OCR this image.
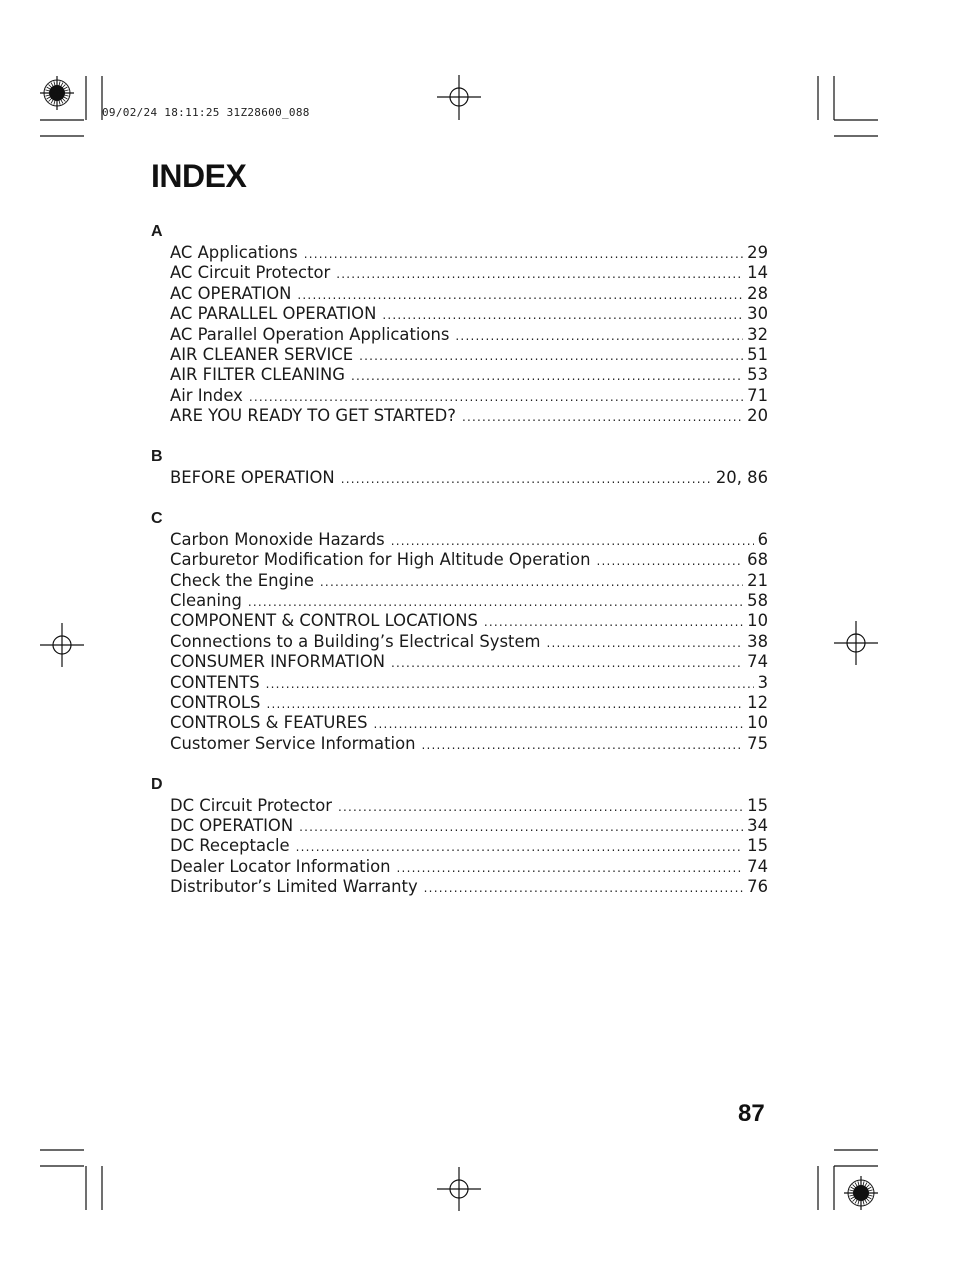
09/02/24 18:11:25 31Z28600_088
INDEX
A
AC Applications .....	29
AC Circuit Protector .....	14
AC OPERATION .....	28
AC PARALLEL OPERATION .....	30
AC Parallel Operation Applications .....	32
AIR CLEANER SERVICE .....	51
AIR FILTER CLEANING .....	53
Air Index .....	71
ARE YOU READY TO GET STARTED? .....	20
B
BEFORE OPERATION .....	20, 86
C
Carbon Monoxide Hazards .....	6
Carburetor Modification for High Altitude Operation .....	68
Check the Engine .....	21
Cleaning .....	58
COMPONENT & CONTROL LOCATIONS .....	10
Connections to a Building’s Electrical System .....	38
CONSUMER INFORMATION .....	74
CONTENTS .....	3
CONTROLS .....	12
CONTROLS & FEATURES .....	10
Customer Service Information .....	75
D
DC Circuit Protector .....	15
DC OPERATION .....	34
DC Receptacle .....	15
Dealer Locator Information .....	74
Distributor’s Limited Warranty .....	76
87
